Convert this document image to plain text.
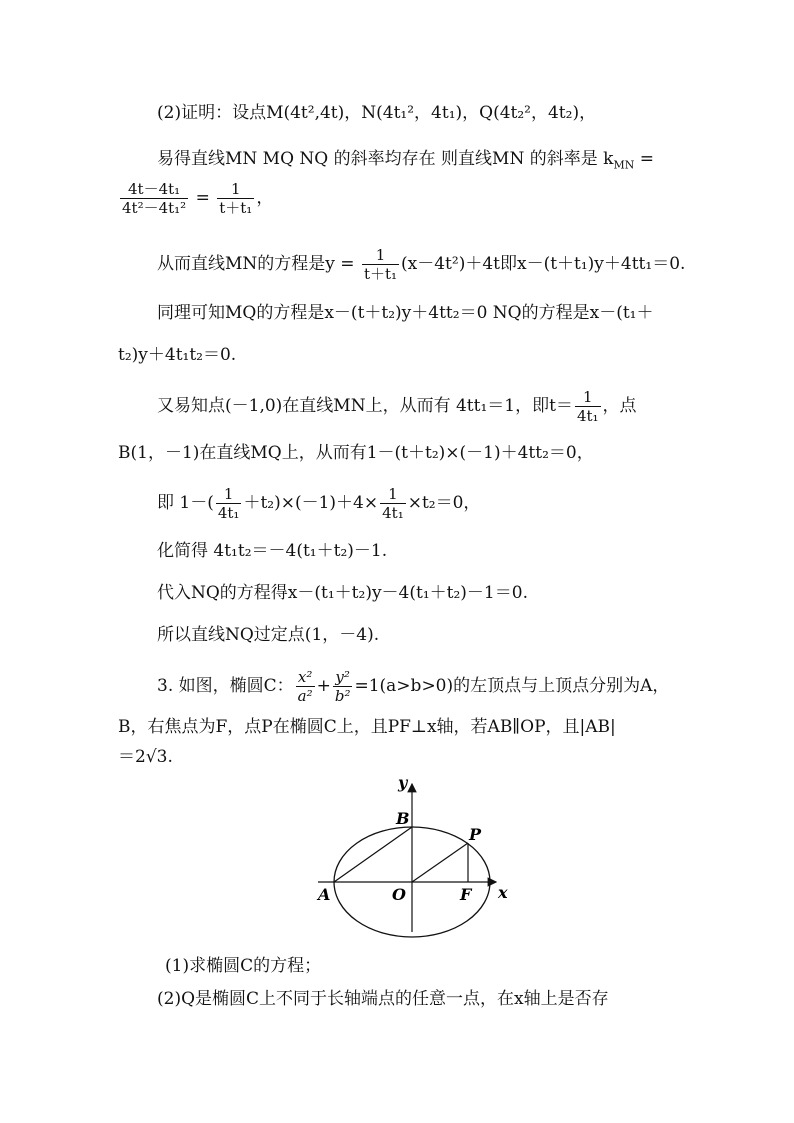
(2)证明：设点M(4t²,4t)，N(4t₁²，4t₁)，Q(4t₂²，4t₂)，
易得直线MN MQ NQ 的斜率均存在 则直线MN 的斜率是 $k_{MN}$ =
$\frac{\text{4t－4t₁}}{\text{4t²－4t₁²}} = \frac{1}{\text{t＋t₁}}$ ，
从而直线MN的方程是$y = \frac{1}{\text{t＋t₁}} (x-4t^2)+4t$即x－(t＋t₁)y＋4tt₁＝0.
同理可知MQ的方程是x－(t＋t₂)y＋4tt₂＝0 NQ的方程是x－(t₁＋
t₂)y＋4t₁t₂＝0.
又易知点(－1,0)在直线MN上，从而有 4tt₁＝1，即$t= \frac{1}{\text{4t₁}}$ ，点
B(1，－1)在直线MQ上，从而有1－(t＋t₂)×(－1)＋4tt₂＝0，
即 $1-( \frac{1}{\text{4t₁}} +t_2)\times(-1)+4\times \frac{1}{\text{4t₁}} \times t_2=0$，
化简得 4t₁t₂＝－4(t₁＋t₂)－1.
代入NQ的方程得x－(t₁＋t₂)y－4(t₁＋t₂)－1＝0.
所以直线NQ过定点(1，－4).
3. 如图，椭圆C： $\frac{\text{x²}}{\text{a²}} + \frac{\text{y²}}{\text{b²}} =1(a>b>0)$的左顶点与上顶点分别为A，
B，右焦点为F，点P在椭圆C上，且PF⊥x轴，若AB∥OP，且|AB|
＝2√3.
y
x
B
P
A	O	F
(1)求椭圆C的方程；
(2)Q是椭圆C上不同于长轴端点的任意一点，在x轴上是否存
